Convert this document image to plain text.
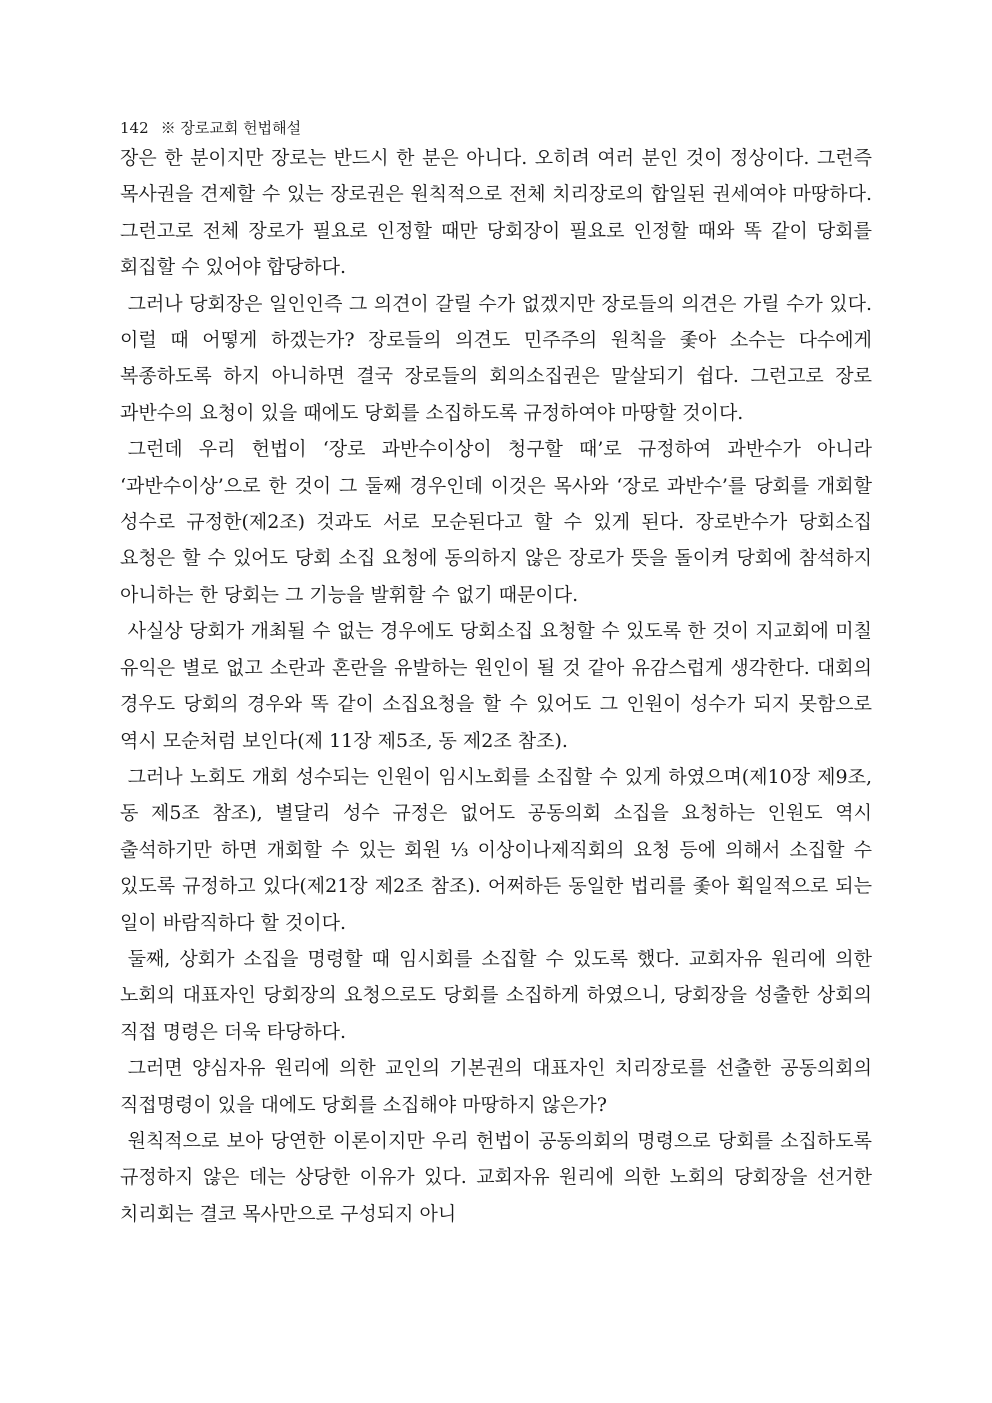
142 ※ 장로교회 헌법해설

장은 한 분이지만 장로는 반드시 한 분은 아니다. 오히려 여러 분인 것이 정상이다. 그런즉 목사권을 견제할 수 있는 장로권은 원칙적으로 전체 치리장로의 합일된 권세여야 마땅하다. 그런고로 전체 장로가 필요로 인정할 때만 당회장이 필요로 인정할 때와 똑 같이 당회를 회집할 수 있어야 합당하다.

그러나 당회장은 일인인즉 그 의견이 갈릴 수가 없겠지만 장로들의 의견은 가릴 수가 있다. 이럴 때 어떻게 하겠는가? 장로들의 의견도 민주주의 원칙을 좇아 소수는 다수에게 복종하도록 하지 아니하면 결국 장로들의 회의소집권은 말살되기 쉽다. 그런고로 장로 과반수의 요청이 있을 때에도 당회를 소집하도록 규정하여야 마땅할 것이다.

그런데 우리 헌법이 ‘장로 과반수이상이 청구할 때’로 규정하여 과반수가 아니라 ‘과반수이상’으로 한 것이 그 둘째 경우인데 이것은 목사와 ‘장로 과반수’를 당회를 개회할 성수로 규정한(제2조) 것과도 서로 모순된다고 할 수 있게 된다. 장로반수가 당회소집 요청은 할 수 있어도 당회 소집 요청에 동의하지 않은 장로가 뜻을 돌이켜 당회에 참석하지 아니하는 한 당회는 그 기능을 발휘할 수 없기 때문이다.

사실상 당회가 개최될 수 없는 경우에도 당회소집 요청할 수 있도록 한 것이 지교회에 미칠 유익은 별로 없고 소란과 혼란을 유발하는 원인이 될 것 같아 유감스럽게 생각한다. 대회의 경우도 당회의 경우와 똑 같이 소집요청을 할 수 있어도 그 인원이 성수가 되지 못함으로 역시 모순처럼 보인다(제 11장 제5조, 동 제2조 참조).

그러나 노회도 개회 성수되는 인원이 임시노회를 소집할 수 있게 하였으며(제10장 제9조, 동 제5조 참조), 별달리 성수 규정은 없어도 공동의회 소집을 요청하는 인원도 역시 출석하기만 하면 개회할 수 있는 회원 ⅓ 이상이나제직회의 요청 등에 의해서 소집할 수 있도록 규정하고 있다(제21장 제2조 참조). 어쩌하든 동일한 법리를 좇아 획일적으로 되는 일이 바람직하다 할 것이다.

둘째, 상회가 소집을 명령할 때 임시회를 소집할 수 있도록 했다. 교회자유 원리에 의한 노회의 대표자인 당회장의 요청으로도 당회를 소집하게 하였으니, 당회장을 성출한 상회의 직접 명령은 더욱 타당하다.

그러면 양심자유 원리에 의한 교인의 기본권의 대표자인 치리장로를 선출한 공동의회의 직접명령이 있을 대에도 당회를 소집해야 마땅하지 않은가?

원칙적으로 보아 당연한 이론이지만 우리 헌법이 공동의회의 명령으로 당회를 소집하도록 규정하지 않은 데는 상당한 이유가 있다. 교회자유 원리에 의한 노회의 당회장을 선거한 치리회는 결코 목사만으로 구성되지 아니
